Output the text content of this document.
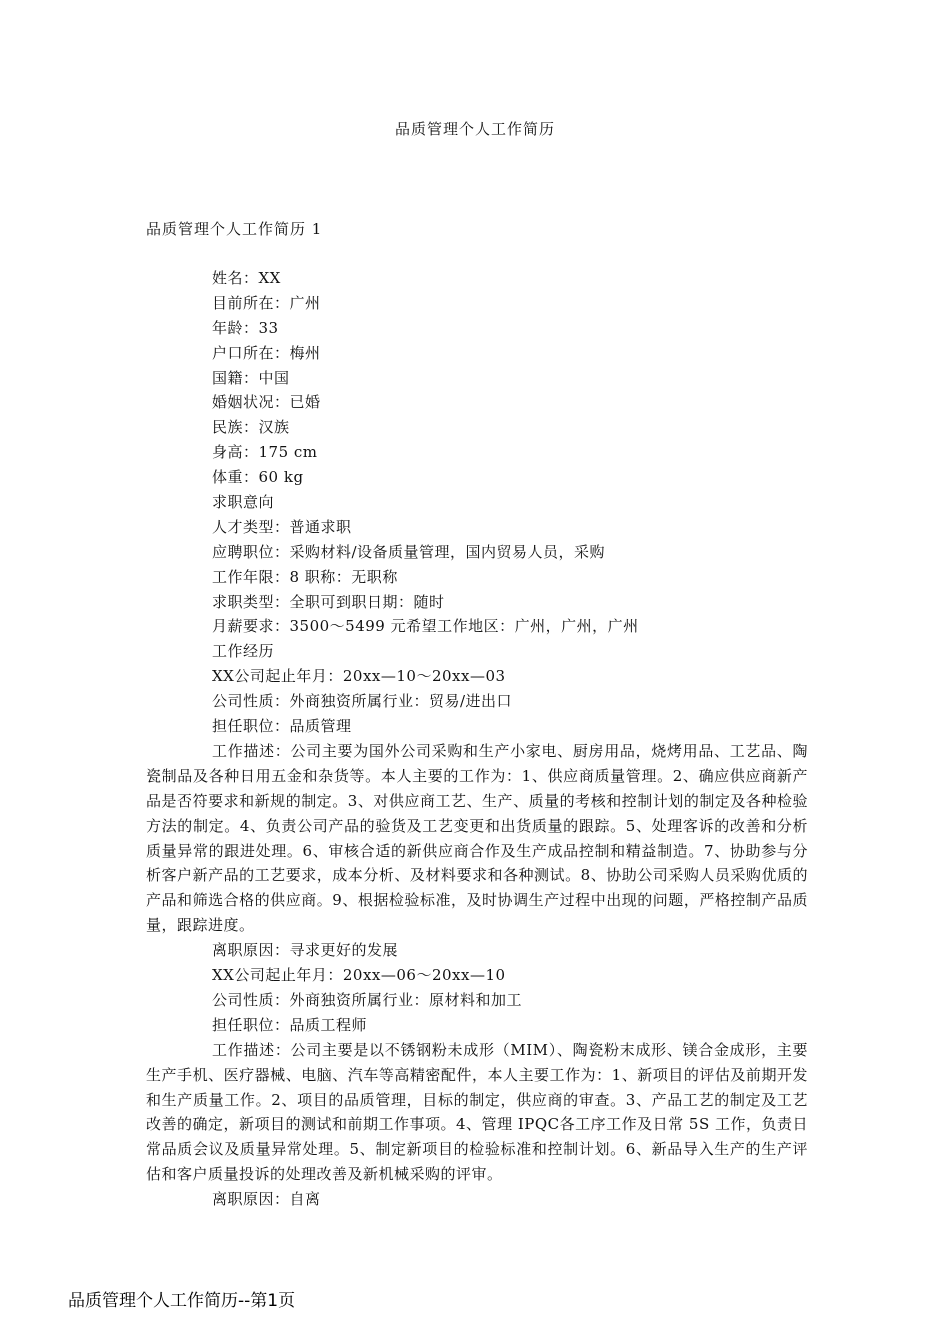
品质管理个人工作简历
品质管理个人工作简历 1
姓名：XX
目前所在：广州
年龄：33
户口所在：梅州
国籍：中国
婚姻状况：已婚
民族：汉族
身高：175 cm
体重：60 kg
求职意向
人才类型：普通求职
应聘职位：采购材料/设备质量管理，国内贸易人员，采购
工作年限：8 职称：无职称
求职类型：全职可到职日期：随时
月薪要求：3500～5499 元希望工作地区：广州，广州，广州
工作经历
XX公司起止年月：20xx—10～20xx—03
公司性质：外商独资所属行业：贸易/进出口
担任职位：品质管理
工作描述：公司主要为国外公司采购和生产小家电、厨房用品，烧烤用品、工艺品、陶瓷制品及各种日用五金和杂货等。本人主要的工作为：1、供应商质量管理。2、确应供应商新产品是否符要求和新规的制定。3、对供应商工艺、生产、质量的考核和控制计划的制定及各种检验方法的制定。4、负责公司产品的验货及工艺变更和出货质量的跟踪。5、处理客诉的改善和分析质量异常的跟进处理。6、审核合适的新供应商合作及生产成品控制和精益制造。7、协助参与分析客户新产品的工艺要求，成本分析、及材料要求和各种测试。8、协助公司采购人员采购优质的产品和筛选合格的供应商。9、根据检验标准，及时协调生产过程中出现的问题，严格控制产品质量，跟踪进度。
离职原因：寻求更好的发展
XX公司起止年月：20xx—06～20xx—10
公司性质：外商独资所属行业：原材料和加工
担任职位：品质工程师
工作描述：公司主要是以不锈钢粉未成形（MIM）、陶瓷粉末成形、镁合金成形，主要生产手机、医疗器械、电脑、汽车等高精密配件，本人主要工作为：1、新项目的评估及前期开发和生产质量工作。2、项目的品质管理，目标的制定，供应商的审查。3、产品工艺的制定及工艺改善的确定，新项目的测试和前期工作事项。4、管理 IPQC各工序工作及日常 5S 工作，负责日常品质会议及质量异常处理。5、制定新项目的检验标准和控制计划。6、新品导入生产的生产评估和客户质量投诉的处理改善及新机械采购的评审。
离职原因：自离
品质管理个人工作简历--第1页
